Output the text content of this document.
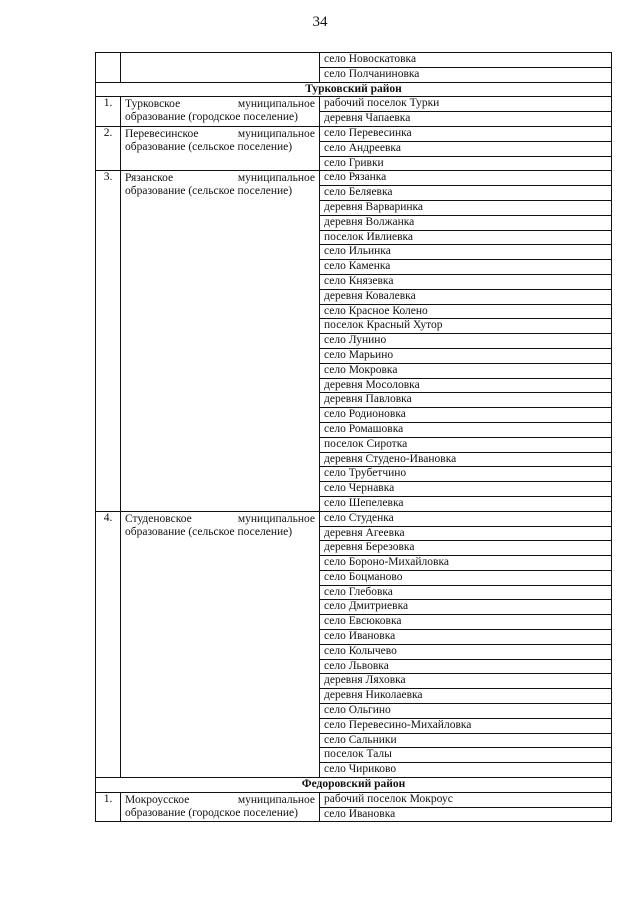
34
		село Новоскатовка
		село Полчаниновка
Турковский район		
1.	Турковское муниципальное образование (городское поселение)	рабочий поселок Турки
		деревня Чапаевка
2.	Перевесинское муниципальное образование (сельское поселение)	село Перевесинка
		село Андреевка
		село Гривки
3.	Рязанское муниципальное образование (сельское поселение)	село Рязанка
		село Беляевка
		деревня Варваринка
		деревня Волжанка
		поселок Ивлиевка
		село Ильинка
		село Каменка
		село Князевка
		деревня Ковалевка
		село Красное Колено
		поселок Красный Хутор
		село Лунино
		село Марьино
		село Мокровка
		деревня Мосоловка
		деревня Павловка
		село Родионовка
		село Ромашовка
		поселок Сиротка
		деревня Студено-Ивановка
		село Трубетчино
		село Чернавка
		село Шепелевка
4.	Студеновское муниципальное образование (сельское поселение)	село Студенка
		деревня Агеевка
		деревня Березовка
		село Бороно-Михайловка
		село Боцманово
		село Глебовка
		село Дмитриевка
		село Евсюковка
		село Ивановка
		село Колычево
		село Львовка
		деревня Ляховка
		деревня Николаевка
		село Ольгино
		село Перевесино-Михайловка
		село Сальники
		поселок Талы
		село Чириково
Федоровский район		
1.	Мокроусское муниципальное образование (городское поселение)	рабочий поселок Мокроус
		село Ивановка
